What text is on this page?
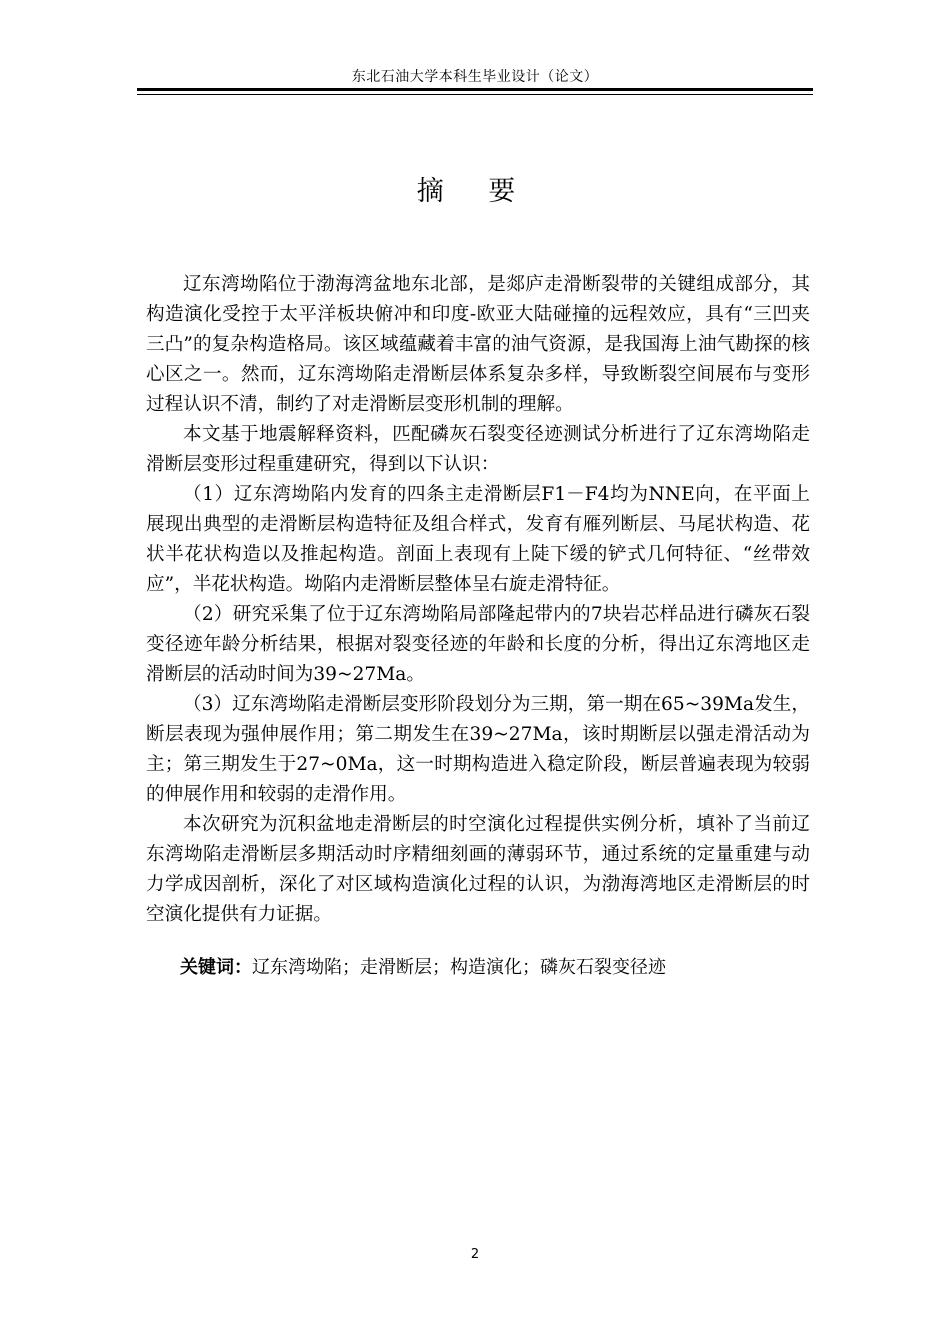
东北石油大学本科生毕业设计（论文）
摘 要

辽东湾坳陷位于渤海湾盆地东北部，是郯庐走滑断裂带的关键组成部分，其构造演化受控于太平洋板块俯冲和印度-欧亚大陆碰撞的远程效应，具有“三凹夹三凸”的复杂构造格局。该区域蕴藏着丰富的油气资源，是我国海上油气勘探的核心区之一。然而，辽东湾坳陷走滑断层体系复杂多样，导致断裂空间展布与变形过程认识不清，制约了对走滑断层变形机制的理解。

本文基于地震解释资料，匹配磷灰石裂变径迹测试分析进行了辽东湾坳陷走滑断层变形过程重建研究，得到以下认识：

（1）辽东湾坳陷内发育的四条主走滑断层F1－F4均为NNE向，在平面上展现出典型的走滑断层构造特征及组合样式，发育有雁列断层、马尾状构造、花状半花状构造以及推起构造。剖面上表现有上陡下缓的铲式几何特征、“丝带效应”，半花状构造。坳陷内走滑断层整体呈右旋走滑特征。

（2）研究采集了位于辽东湾坳陷局部隆起带内的7块岩芯样品进行磷灰石裂变径迹年龄分析结果，根据对裂变径迹的年龄和长度的分析，得出辽东湾地区走滑断层的活动时间为39~27Ma。

（3）辽东湾坳陷走滑断层变形阶段划分为三期，第一期在65~39Ma发生，断层表现为强伸展作用；第二期发生在39~27Ma，该时期断层以强走滑活动为主；第三期发生于27~0Ma，这一时期构造进入稳定阶段，断层普遍表现为较弱的伸展作用和较弱的走滑作用。

本次研究为沉积盆地走滑断层的时空演化过程提供实例分析，填补了当前辽东湾坳陷走滑断层多期活动时序精细刻画的薄弱环节，通过系统的定量重建与动力学成因剖析，深化了对区域构造演化过程的认识，为渤海湾地区走滑断层的时空演化提供有力证据。

关键词：辽东湾坳陷；走滑断层；构造演化；磷灰石裂变径迹
2
